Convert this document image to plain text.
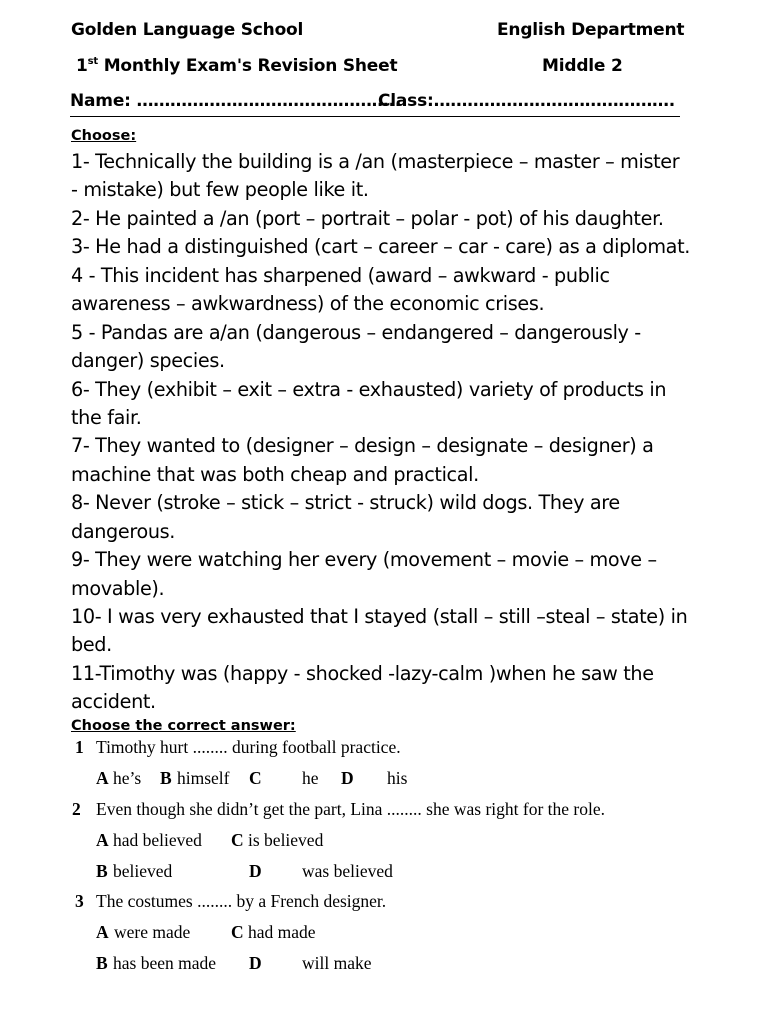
Golden Language School	English Department
1st Monthly Exam's Revision Sheet	Middle 2
Name: ………………………………………..
Class:…………………………………….
Choose:
1- Technically the building is a /an (masterpiece – master – mister
- mistake) but few people like it.
2- He painted a /an (port – portrait – polar - pot) of his daughter.
3- He had a distinguished (cart – career – car - care) as a diplomat.
4 - This incident has sharpened (award – awkward - public
awareness – awkwardness) of the economic crises.
5 - Pandas are a/an (dangerous – endangered – dangerously -
danger) species.
6- They (exhibit – exit – extra - exhausted) variety of products in
the fair.
7- They wanted to (designer – design – designate – designer) a
machine that was both cheap and practical.
8- Never (stroke – stick – strict - struck) wild dogs. They are
dangerous.
9- They were watching her every (movement – movie – move –
movable).
10- I was very exhausted that I stayed (stall – still –steal – state) in
bed.
11-Timothy was (happy - shocked -lazy-calm )when he saw the
accident.
Choose the correct answer:
1 Timothy hurt ........ during football practice.
A he’s B himself C he D his
2 Even though she didn’t get the part, Lina ........ she was right for the role.
A had believed C is believed
B believed	D was believed
3 The costumes ........ by a French designer.
A were made C had made
B has been made D will make
